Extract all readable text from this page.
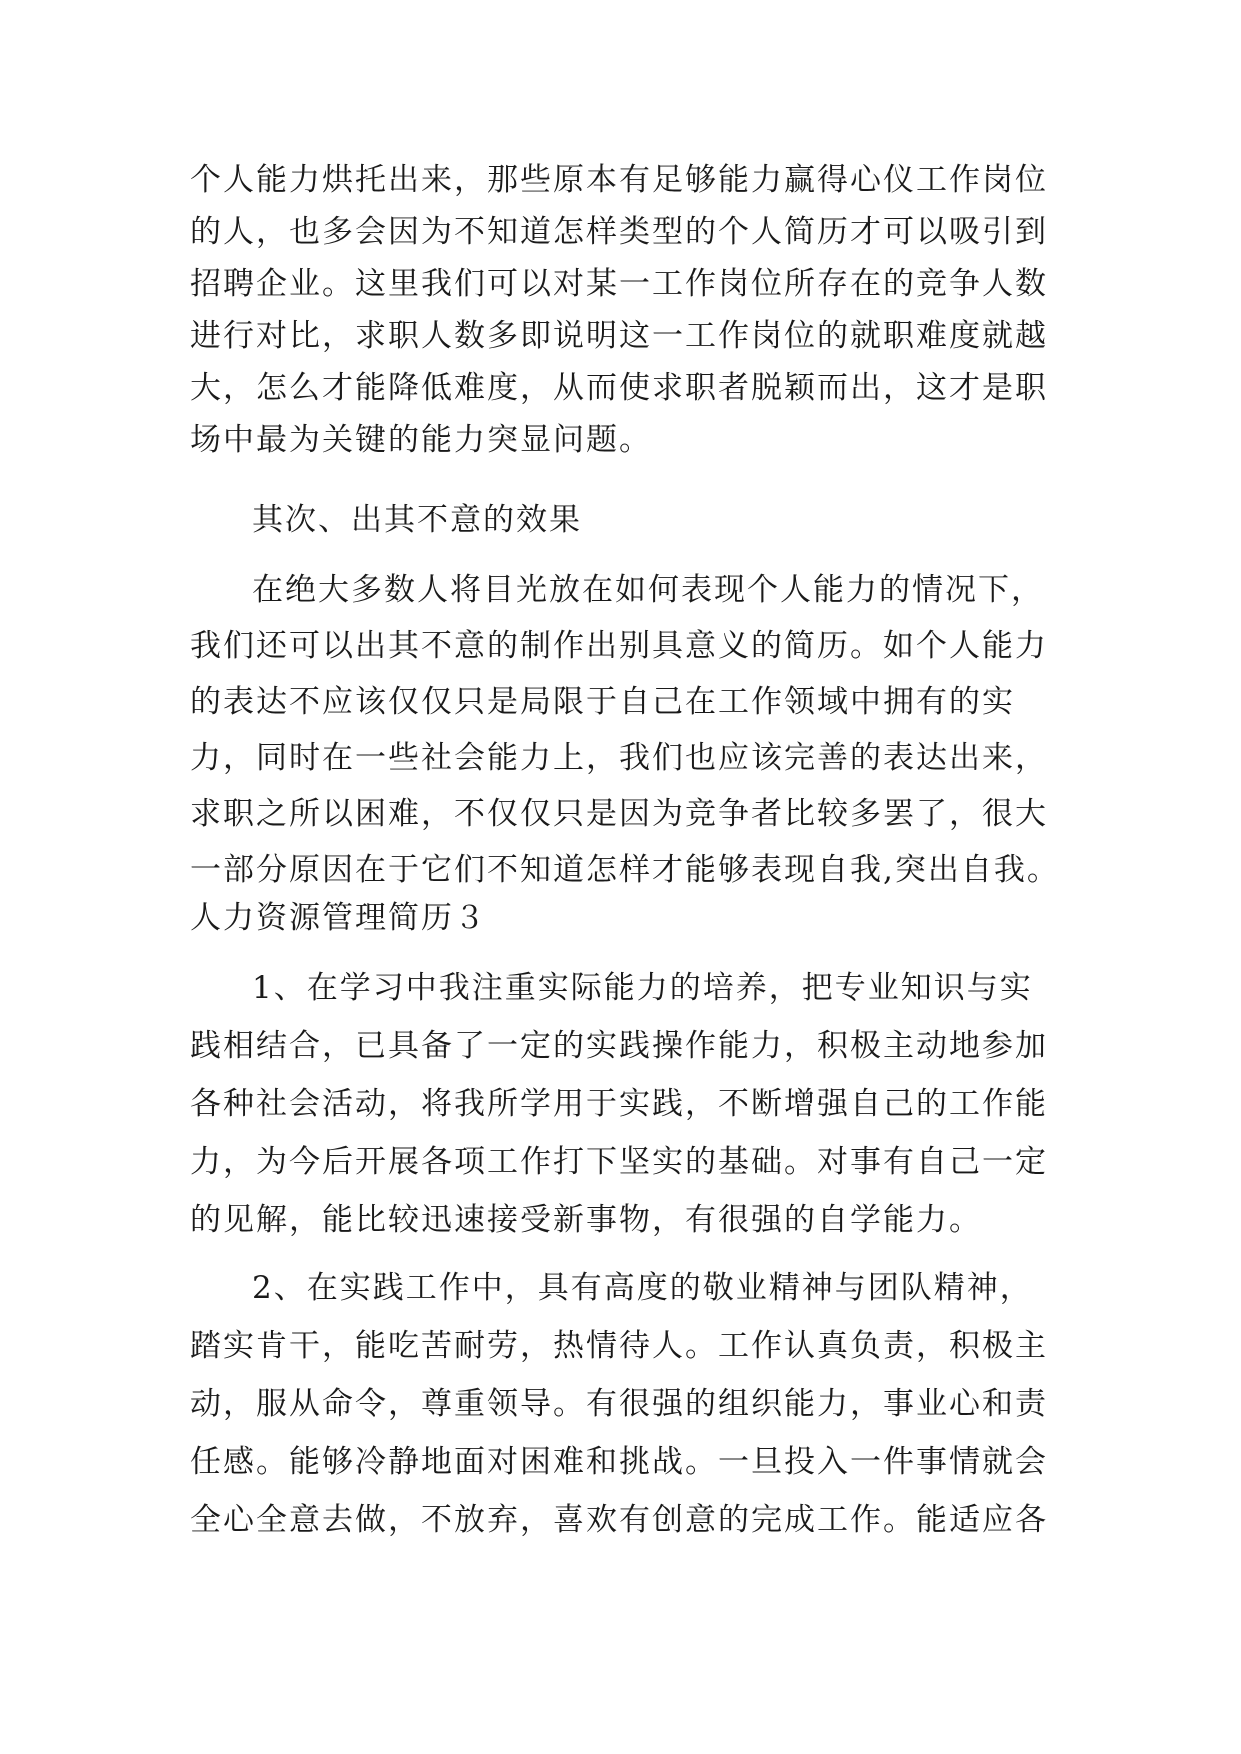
个人能力烘托出来，那些原本有足够能力赢得心仪工作岗位
的人，也多会因为不知道怎样类型的个人简历才可以吸引到
招聘企业。这里我们可以对某一工作岗位所存在的竞争人数
进行对比，求职人数多即说明这一工作岗位的就职难度就越
大，怎么才能降低难度，从而使求职者脱颖而出，这才是职
场中最为关键的能力突显问题。
其次、出其不意的效果
在绝大多数人将目光放在如何表现个人能力的情况下，
我们还可以出其不意的制作出别具意义的简历。如个人能力
的表达不应该仅仅只是局限于自己在工作领域中拥有的实
力，同时在一些社会能力上，我们也应该完善的表达出来，
求职之所以困难，不仅仅只是因为竞争者比较多罢了，很大
一部分原因在于它们不知道怎样才能够表现自我,突出自我。
人力资源管理简历３
1、在学习中我注重实际能力的培养，把专业知识与实
践相结合，已具备了一定的实践操作能力，积极主动地参加
各种社会活动，将我所学用于实践，不断增强自己的工作能
力，为今后开展各项工作打下坚实的基础。对事有自己一定
的见解，能比较迅速接受新事物，有很强的自学能力。
2、在实践工作中，具有高度的敬业精神与团队精神，
踏实肯干，能吃苦耐劳，热情待人。工作认真负责，积极主
动，服从命令，尊重领导。有很强的组织能力，事业心和责
任感。能够冷静地面对困难和挑战。一旦投入一件事情就会
全心全意去做，不放弃，喜欢有创意的完成工作。能适应各
